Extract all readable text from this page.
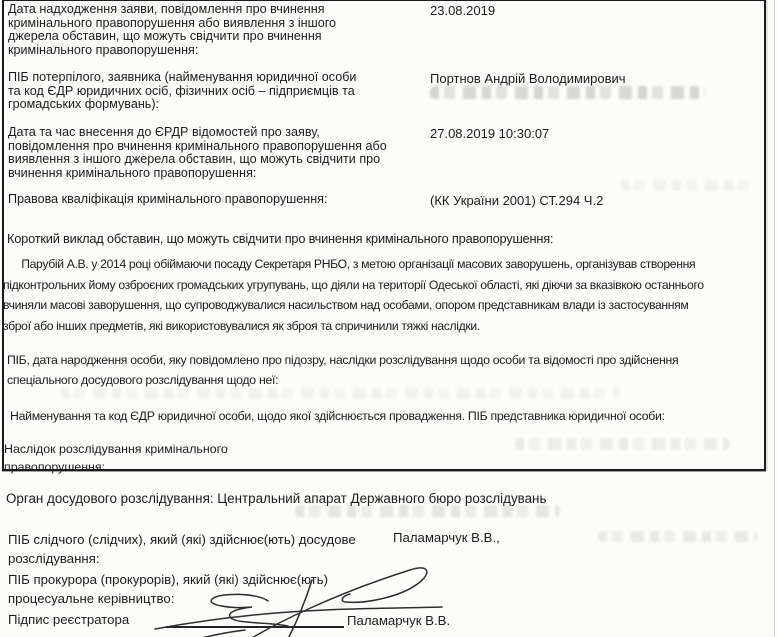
Дата надходження заяви, повідомлення про вчинення
кримінального правопорушення або виявлення з іншого
джерела обставин, що можуть свідчити про вчинення
кримінального правопорушення:
23.08.2019
ПІБ потерпілого, заявника (найменування юридичної особи
та код ЄДР юридичних осіб, фізичних осіб – підприємців та
громадських формувань):
Портнов Андрій Володимирович
Дата та час внесення до ЄРДР відомостей про заяву,
повідомлення про вчинення кримінального правопорушення або
виявлення з іншого джерела обставин, що можуть свідчити про
вчинення кримінального правопорушення:
27.08.2019 10:30:07
Правова кваліфікація кримінального правопорушення:	(КК України 2001) СТ.294 Ч.2
Короткий виклад обставин, що можуть свідчити про вчинення кримінального правопорушення:
Парубій А.В. у 2014 році обіймаючи посаду Секретаря РНБО, з метою організації масових заворушень, організував створення
підконтрольних йому озброєних громадських угрупувань, що діяли на території Одеської області, які діючи за вказівкою останнього
вчиняли масові заворушення, що супроводжувалися насильством над особами, опором представникам влади із застосуванням
зброї або інших предметів, які використовувалися як зброя та спричинили тяжкі наслідки.
ПІБ, дата народження особи, яку повідомлено про підозру, наслідки розслідування щодо особи та відомості про здійснення
спеціального досудового розслідування щодо неї:
Найменування та код ЄДР юридичної особи, щодо якої здійснюється провадження. ПІБ представника юридичної особи:
Наслідок розслідування кримінального
правопорушення:
Орган досудового розслідування: Центральний апарат Державного бюро розслідувань
ПІБ слідчого (слідчих), який (які) здійснює(ють) досудове
розслідування:
Паламарчук В.В.,
ПІБ прокурора (прокурорів), який (які) здійснює(ють)
процесуальне керівництво:
Підпис реєстратора	Паламарчук В.В.
